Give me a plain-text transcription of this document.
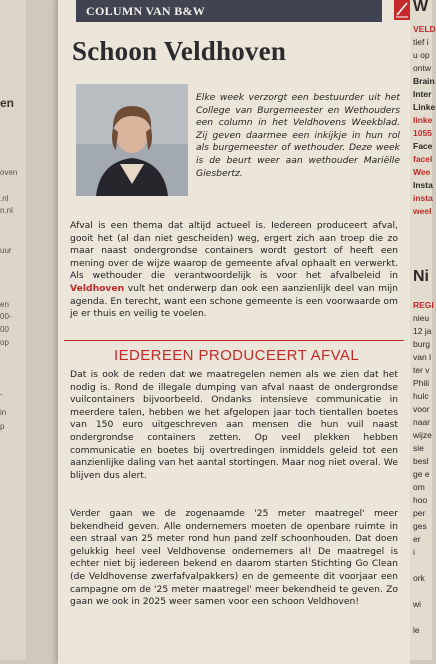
en
oven
.nl
n.nl
uur
en
00-
00
op
-
in
p
COLUMN VAN B&W
Schoon Veldhoven
Elke week verzorgt een bestuurder uit het College van Burgemeester en Wethouders een column in het Veldhovens Weekblad. Zij geven daarmee een inkijkje in hun rol als burgemeester of wethouder. Deze week is de beurt weer aan wethouder Mariëlle Giesbertz.

Afval is een thema dat altijd actueel is. Iedereen produceert afval, gooit het (al dan niet gescheiden) weg, ergert zich aan troep die zo maar naast ondergrondse containers wordt gestort of heeft een mening over de wijze waarop de gemeente afval ophaalt en verwerkt. Als wethouder die verantwoordelijk is voor het afvalbeleid in Veldhoven vult het onderwerp dan ook een aanzienlijk deel van mijn agenda. En terecht, want een schone gemeente is een voorwaarde om je er thuis en veilig te voelen.

IEDEREEN PRODUCEERT AFVAL

Dat is ook de reden dat we maatregelen nemen als we zien dat het nodig is. Rond de illegale dumping van afval naast de ondergrondse vuilcontainers bijvoorbeeld. Ondanks intensieve communicatie in meerdere talen, hebben we het afgelopen jaar toch tientallen boetes van 150 euro uitgeschreven aan mensen die hun vuil naast ondergrondse containers zetten. Op veel plekken hebben communicatie en boetes bij overtredingen inmiddels geleid tot een aanzienlijke daling van het aantal stortingen. Maar nog niet overal. We blijven dus alert.

Verder gaan we de zogenaamde '25 meter maatregel' meer bekendheid geven. Alle ondernemers moeten de openbare ruimte in een straal van 25 meter rond hun pand zelf schoonhouden. Dat doen gelukkig heel veel Veldhovense ondernemers al! De maatregel is echter niet bij iedereen bekend en daarom starten Stichting Go Clean (de Veldhovense zwerfafvalpakkers) en de gemeente dit voorjaar een campagne om de '25 meter maatregel' meer bekendheid te geven. Zo gaan we ook in 2025 weer samen voor een schoon Veldhoven!

W
VELD
tief i
u op
ontw
Brain
Inter
Linke
linke
1055
Face
facel
Wee
Insta
insta
weel
Ni
REGI
nieu
12 ja
burg
van l
ter v
Phili
hulc
voor
naar
wijze
sie
besl
ge e
om
hoo
per
ges
er
i
ork
wi
le
